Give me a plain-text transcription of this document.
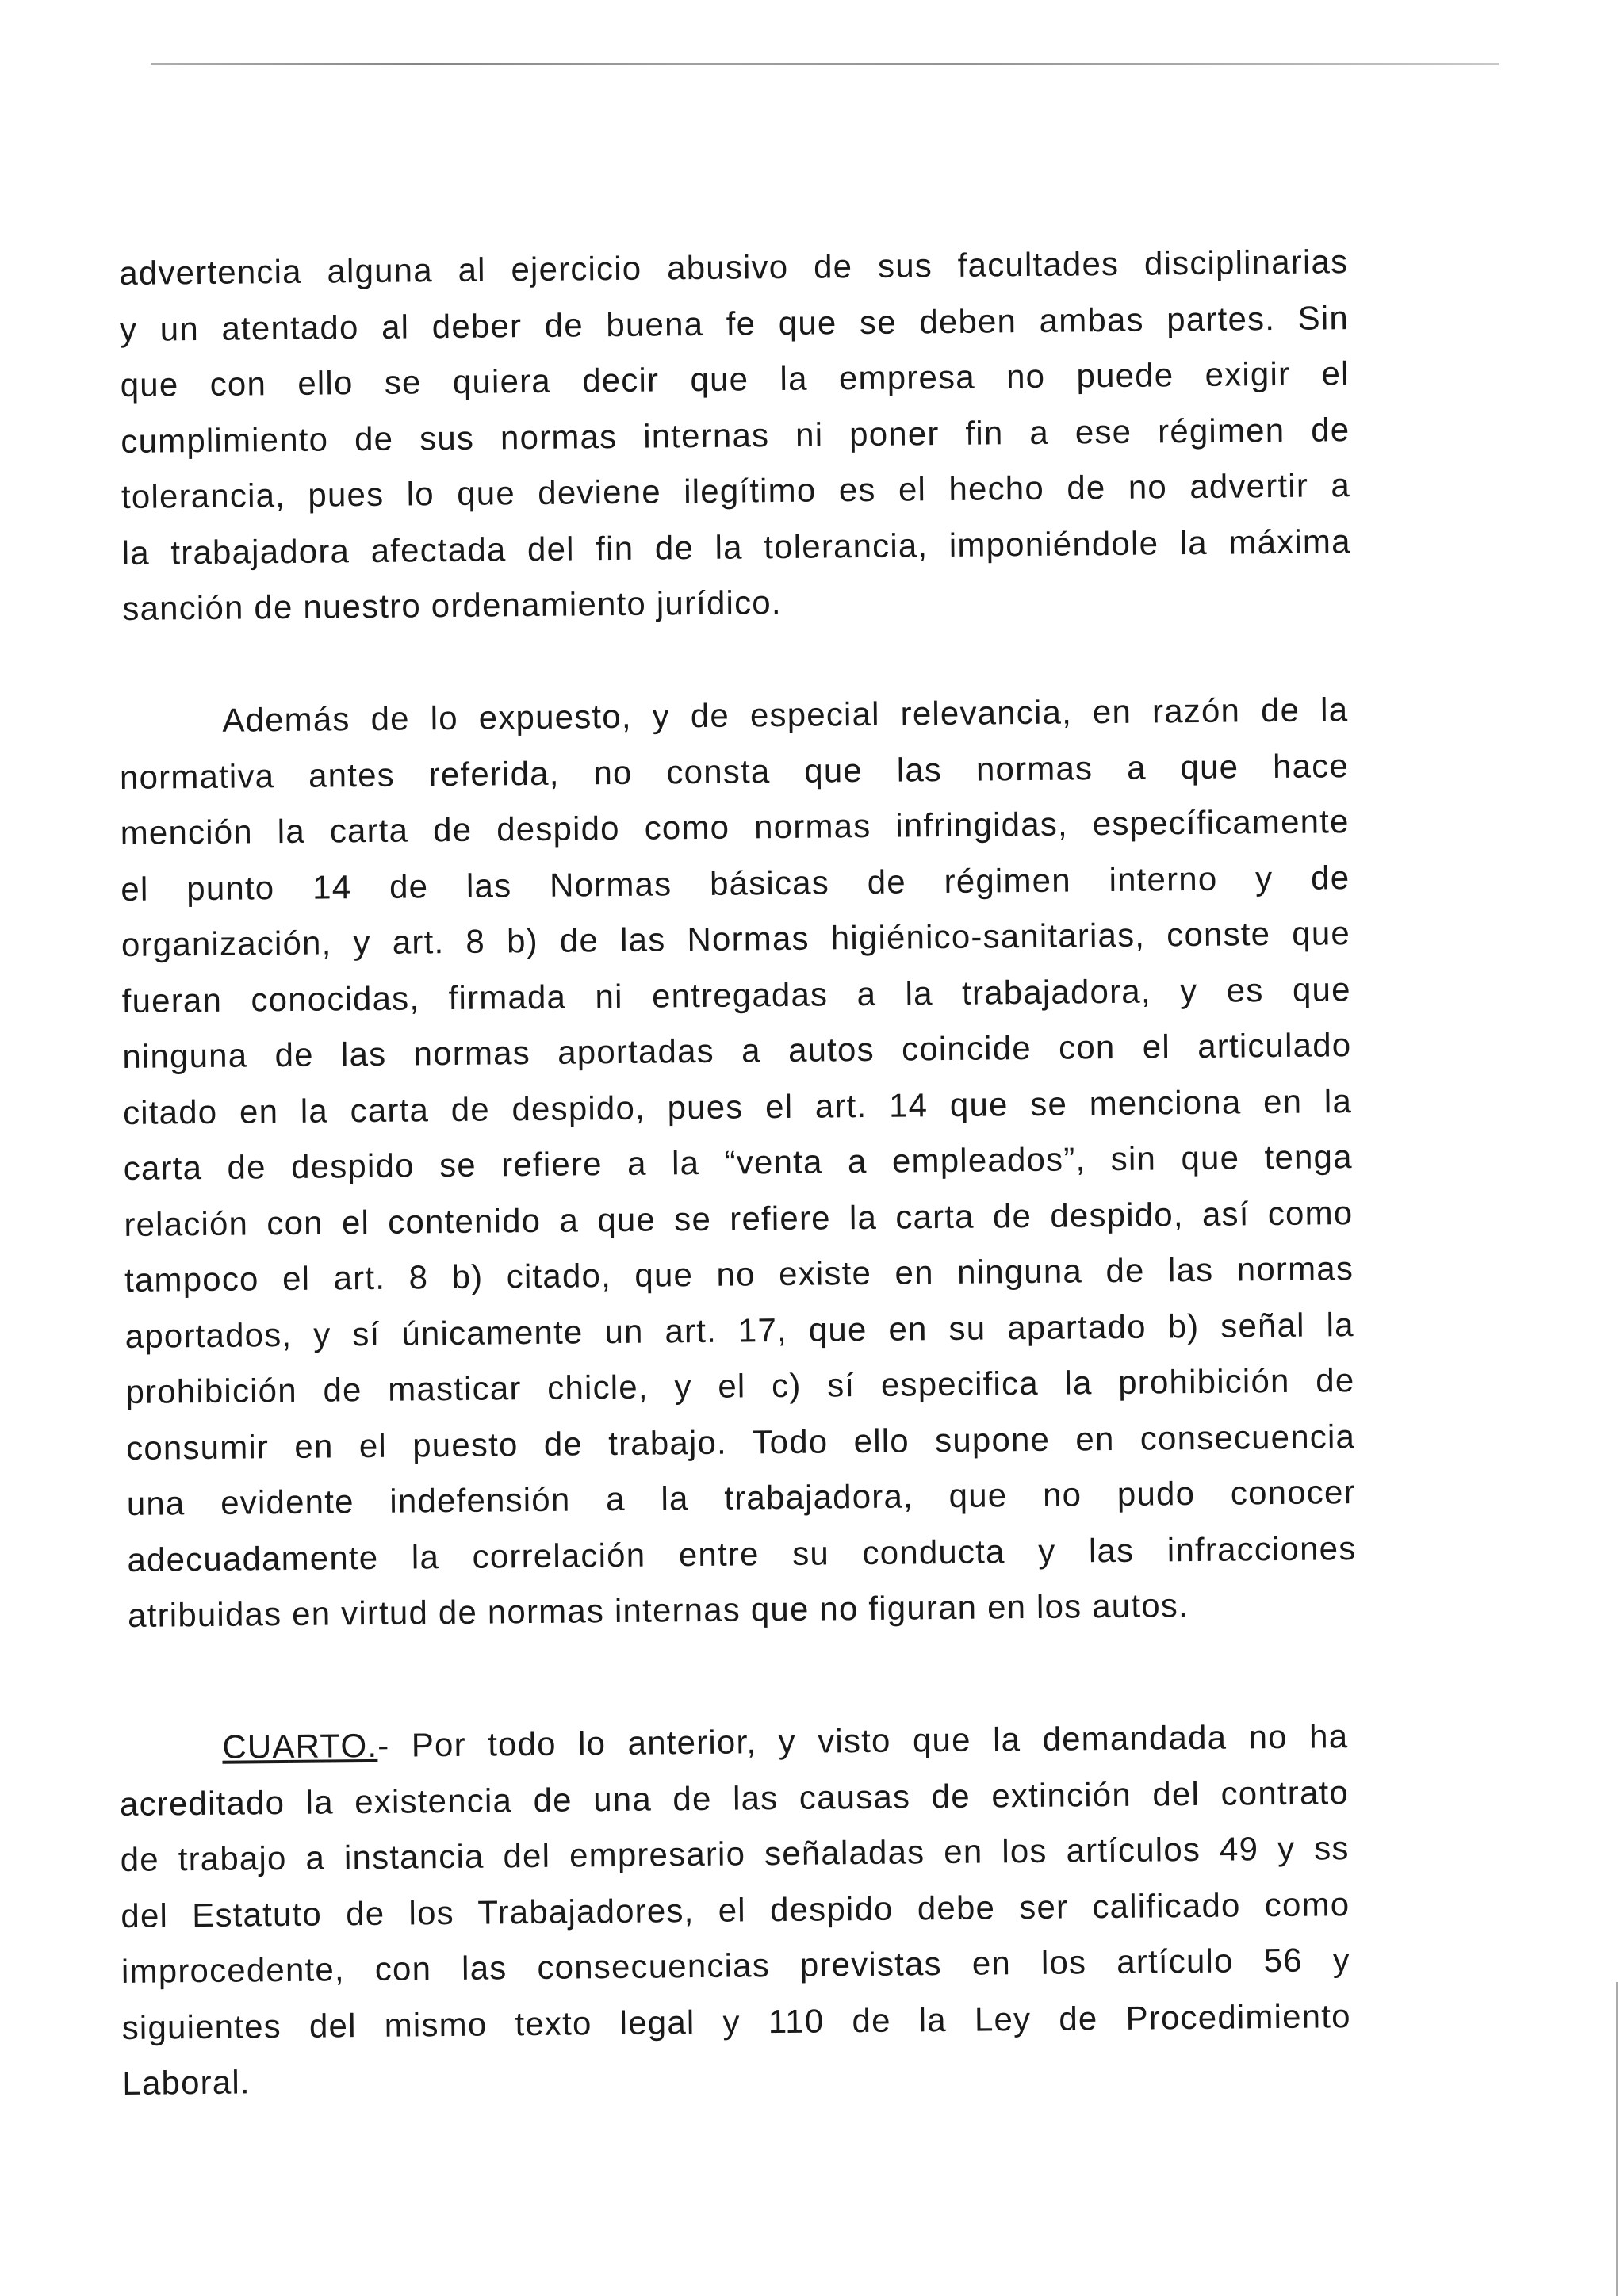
advertencia alguna al ejercicio abusivo de sus facultades disciplinarias
y un atentado al deber de buena fe que se deben ambas partes. Sin
que con ello se quiera decir que la empresa no puede exigir el
cumplimiento de sus normas internas ni poner fin a ese régimen de
tolerancia, pues lo que deviene ilegítimo es el hecho de no advertir a
la trabajadora afectada del fin de la tolerancia, imponiéndole la máxima
sanción de nuestro ordenamiento jurídico.
Además de lo expuesto, y de especial relevancia, en razón de la
normativa antes referida, no consta que las normas a que hace
mención la carta de despido como normas infringidas, específicamente
el punto 14 de las Normas básicas de régimen interno y de
organización, y art. 8 b) de las Normas higiénico-sanitarias, conste que
fueran conocidas, firmada ni entregadas a la trabajadora, y es que
ninguna de las normas aportadas a autos coincide con el articulado
citado en la carta de despido, pues el art. 14 que se menciona en la
carta de despido se refiere a la “venta a empleados”, sin que tenga
relación con el contenido a que se refiere la carta de despido, así como
tampoco el art. 8 b) citado, que no existe en ninguna de las normas
aportados, y sí únicamente un art. 17, que en su apartado b) señal la
prohibición de masticar chicle, y el c) sí especifica la prohibición de
consumir en el puesto de trabajo. Todo ello supone en consecuencia
una evidente indefensión a la trabajadora, que no pudo conocer
adecuadamente la correlación entre su conducta y las infracciones
atribuidas en virtud de normas internas que no figuran en los autos.
CUARTO.- Por todo lo anterior, y visto que la demandada no ha
acreditado la existencia de una de las causas de extinción del contrato
de trabajo a instancia del empresario señaladas en los artículos 49 y ss
del Estatuto de los Trabajadores, el despido debe ser calificado como
improcedente, con las consecuencias previstas en los artículo 56 y
siguientes del mismo texto legal y 110 de la Ley de Procedimiento
Laboral.
